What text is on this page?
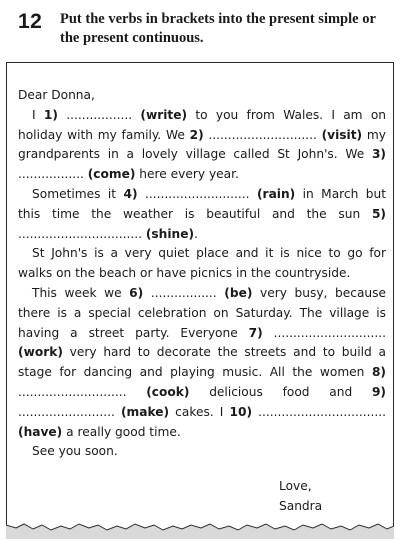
12 Put the verbs in brackets into the present simple or the present continuous.

Dear Donna,

I 1) ................. (write) to you from Wales. I am on holiday with my family. We 2) ............................ (visit) my grandparents in a lovely village called St John's. We 3) ................. (come) here every year.

Sometimes it 4) ........................... (rain) in March but this time the weather is beautiful and the sun 5) ................................ (shine).

St John's is a very quiet place and it is nice to go for walks on the beach or have picnics in the countryside.

This week we 6) ................. (be) very busy, because there is a special celebration on Saturday. The village is having a street party. Everyone 7) ............................. (work) very hard to decorate the streets and to build a stage for dancing and playing music. All the women 8) ............................ (cook) delicious food and 9) ......................... (make) cakes. I 10) ................................. (have) a really good time.

See you soon.

Love,
Sandra
